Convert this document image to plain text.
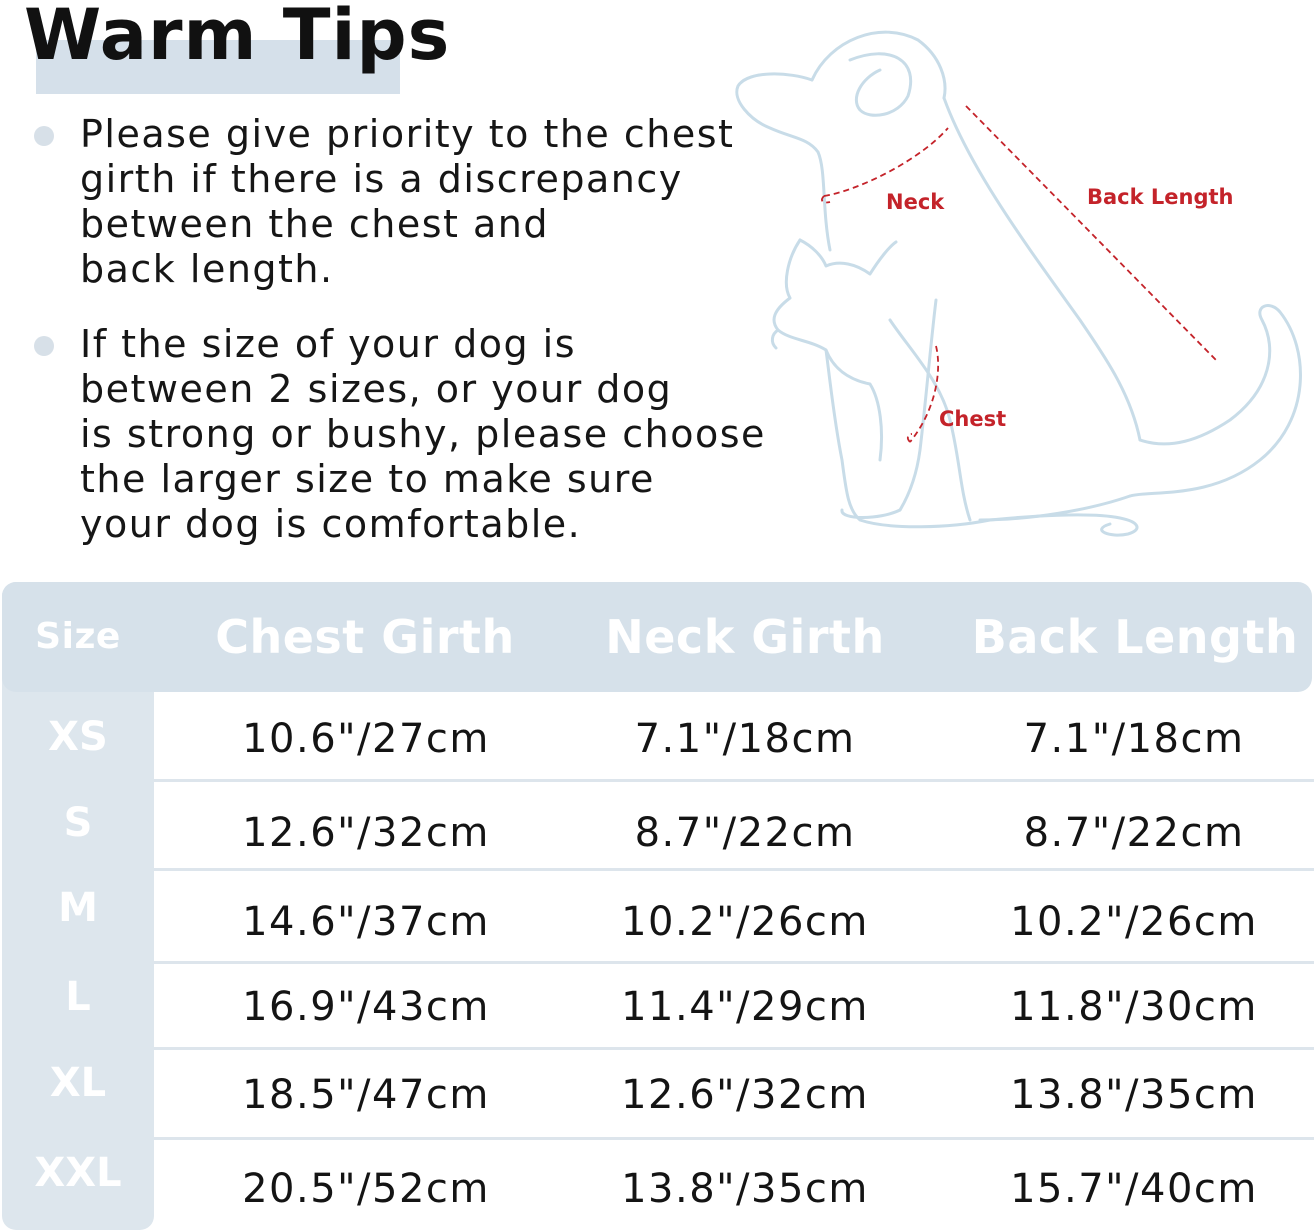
Warm Tips
Please give priority to the chest
girth if there is a discrepancy
between the chest and
back length.
If the size of your dog is
between 2 sizes, or your dog
is strong or bushy, please choose
the larger size to make sure
your dog is comfortable.
Neck	Back Length
Chest
Size	Chest Girth	Neck Girth	Back Length
XS	10.6"/27cm	7.1"/18cm	7.1"/18cm
S	12.6"/32cm	8.7"/22cm	8.7"/22cm
M	14.6"/37cm	10.2"/26cm	10.2"/26cm
L	16.9"/43cm	11.4"/29cm	11.8"/30cm
XL	18.5"/47cm	12.6"/32cm	13.8"/35cm
XXL	20.5"/52cm	13.8"/35cm	15.7"/40cm
